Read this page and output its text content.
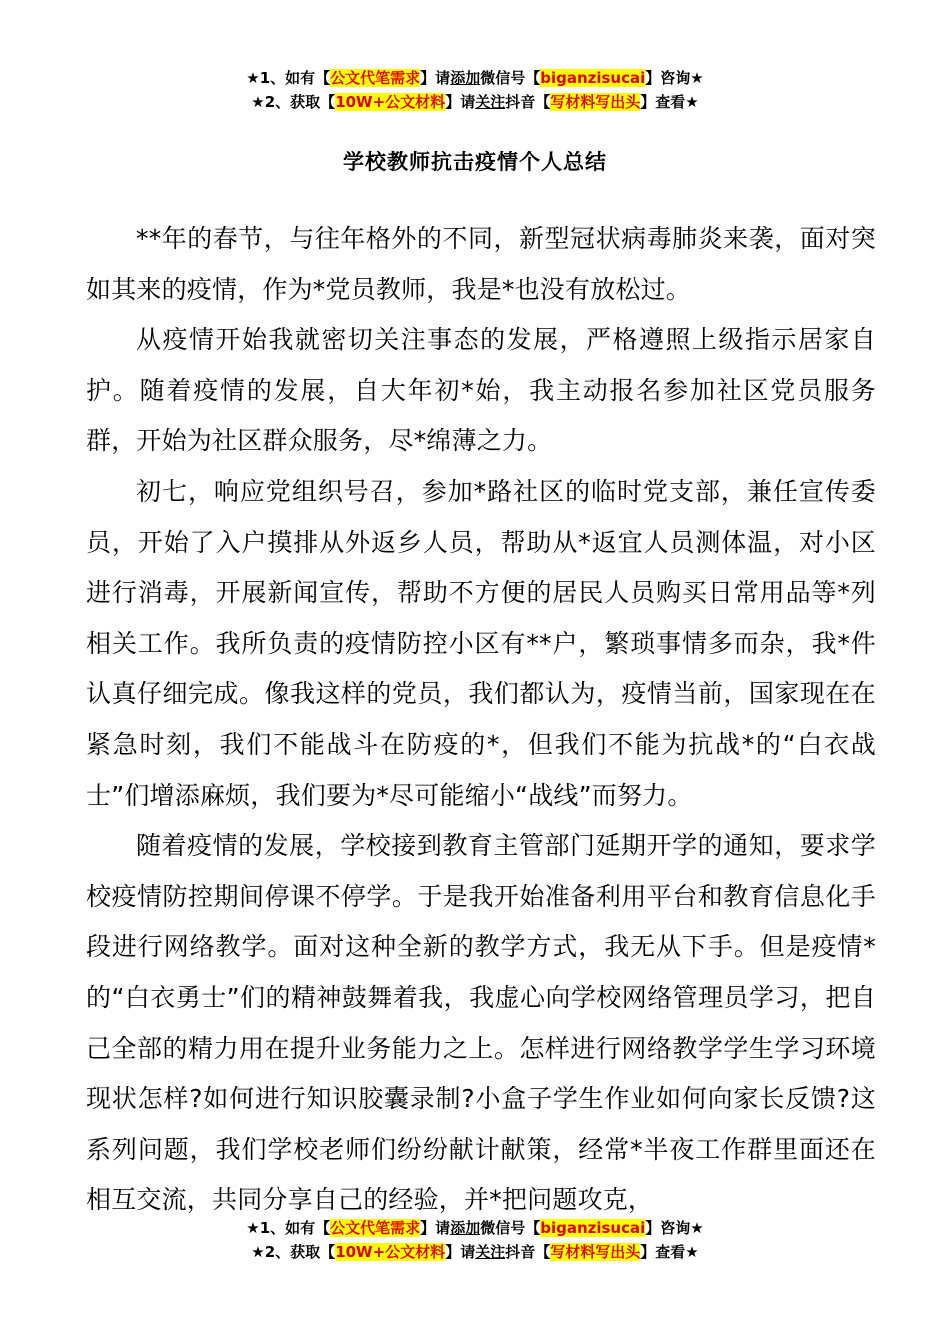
★1、如有【公文代笔需求】请添加微信号【biganzisucai】咨询★
★2、获取【10W+公文材料】请关注抖音【写材料写出头】查看★
学校教师抗击疫情个人总结

**年的春节，与往年格外的不同，新型冠状病毒肺炎来袭，面对突如其来的疫情，作为*党员教师，我是*也没有放松过。

从疫情开始我就密切关注事态的发展，严格遵照上级指示居家自护。随着疫情的发展，自大年初*始，我主动报名参加社区党员服务群，开始为社区群众服务，尽*绵薄之力。

初七，响应党组织号召，参加*路社区的临时党支部，兼任宣传委员，开始了入户摸排从外返乡人员，帮助从*返宜人员测体温，对小区进行消毒，开展新闻宣传，帮助不方便的居民人员购买日常用品等*列相关工作。我所负责的疫情防控小区有**户，繁琐事情多而杂，我*件认真仔细完成。像我这样的党员，我们都认为，疫情当前，国家现在在紧急时刻，我们不能战斗在防疫的*，但我们不能为抗战*的“白衣战士”们增添麻烦，我们要为*尽可能缩小“战线”而努力。

随着疫情的发展，学校接到教育主管部门延期开学的通知，要求学校疫情防控期间停课不停学。于是我开始准备利用平台和教育信息化手段进行网络教学。面对这种全新的教学方式，我无从下手。但是疫情*的“白衣勇士”们的精神鼓舞着我，我虚心向学校网络管理员学习，把自己全部的精力用在提升业务能力之上。怎样进行网络教学学生学习环境现状怎样?如何进行知识胶囊录制?小盒子学生作业如何向家长反馈?这系列问题，我们学校老师们纷纷献计献策，经常*半夜工作群里面还在相互交流，共同分享自己的经验，并*把问题攻克，

★1、如有【公文代笔需求】请添加微信号【biganzisucai】咨询★
★2、获取【10W+公文材料】请关注抖音【写材料写出头】查看★
